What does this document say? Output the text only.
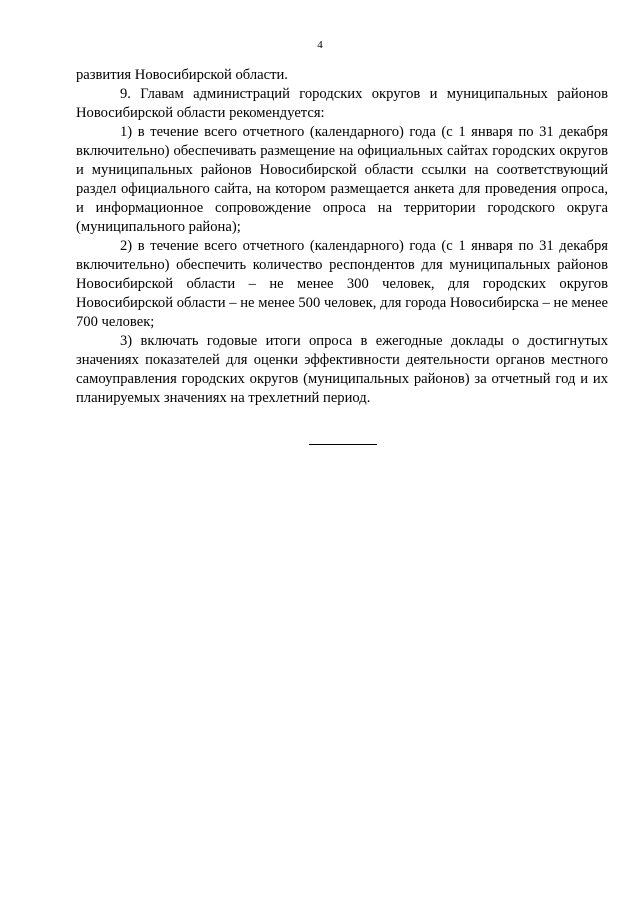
4

развития Новосибирской области.

9. Главам администраций городских округов и муниципальных районов Новосибирской области рекомендуется:

1) в течение всего отчетного (календарного) года (с 1 января по 31 декабря включительно) обеспечивать размещение на официальных сайтах городских округов и муниципальных районов Новосибирской области ссылки на соответствующий раздел официального сайта, на котором размещается анкета для проведения опроса, и информационное сопровождение опроса на территории городского округа (муниципального района);

2) в течение всего отчетного (календарного) года (с 1 января по 31 декабря включительно) обеспечить количество респондентов для муниципальных районов Новосибирской области – не менее 300 человек, для городских округов Новосибирской области – не менее 500 человек, для города Новосибирска – не менее 700 человек;

3) включать годовые итоги опроса в ежегодные доклады о достигнутых значениях показателей для оценки эффективности деятельности органов местного самоуправления городских округов (муниципальных районов) за отчетный год и их планируемых значениях на трехлетний период.
